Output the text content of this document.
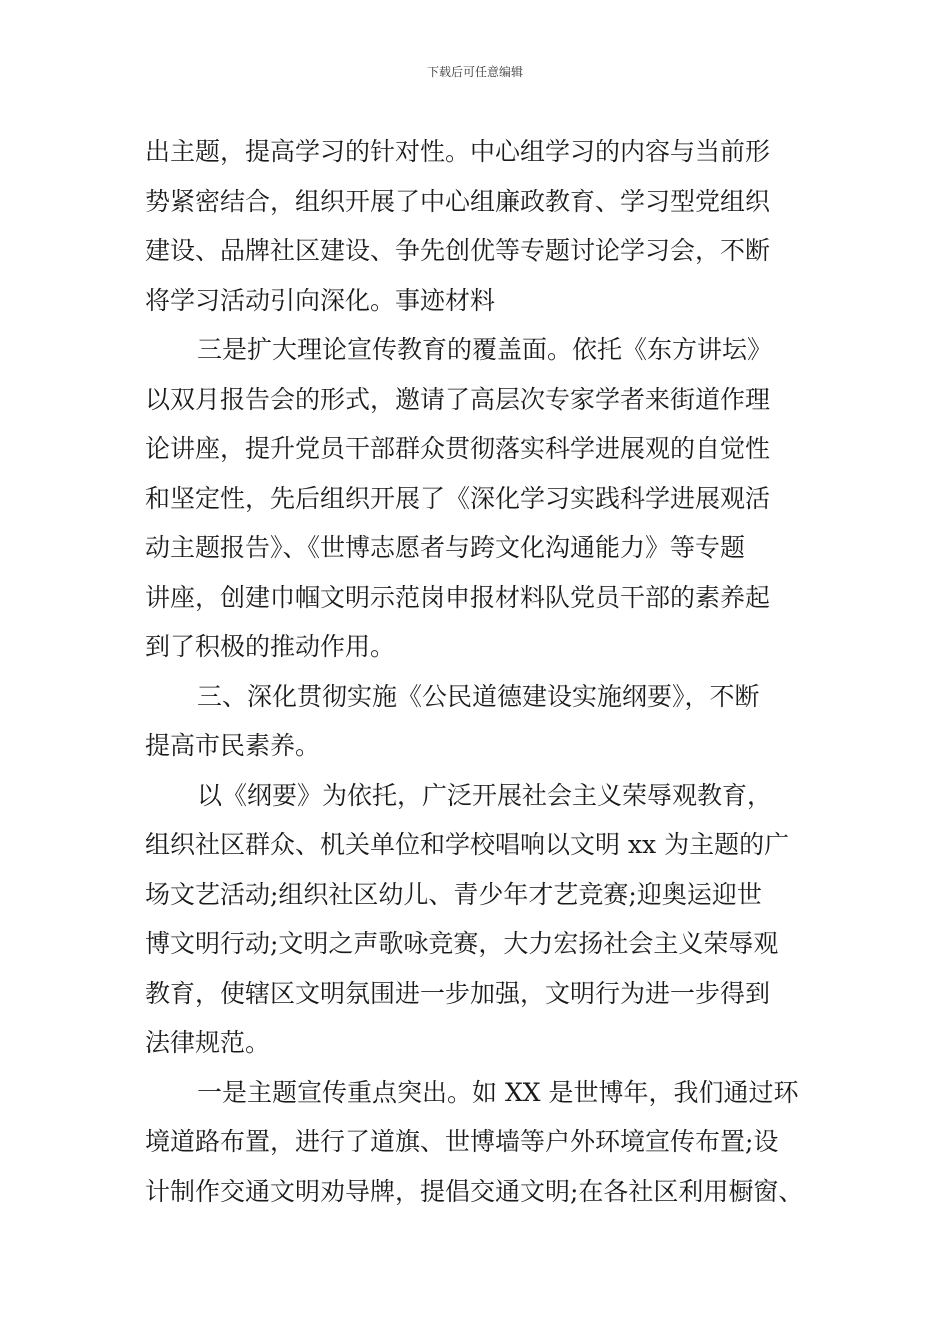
下载后可任意编辑
出主题，提高学习的针对性。中心组学习的内容与当前形
势紧密结合，组织开展了中心组廉政教育、学习型党组织
建设、品牌社区建设、争先创优等专题讨论学习会，不断
将学习活动引向深化。事迹材料
三是扩大理论宣传教育的覆盖面。依托《东方讲坛》
以双月报告会的形式，邀请了高层次专家学者来街道作理
论讲座，提升党员干部群众贯彻落实科学进展观的自觉性
和坚定性，先后组织开展了《深化学习实践科学进展观活
动主题报告》、《世博志愿者与跨文化沟通能力》等专题
讲座，创建巾帼文明示范岗申报材料队党员干部的素养起
到了积极的推动作用。
三、深化贯彻实施《公民道德建设实施纲要》，不断
提高市民素养。
以《纲要》为依托，广泛开展社会主义荣辱观教育，
组织社区群众、机关单位和学校唱响以文明 xx 为主题的广
场文艺活动;组织社区幼儿、青少年才艺竞赛;迎奥运迎世
博文明行动;文明之声歌咏竞赛，大力宏扬社会主义荣辱观
教育，使辖区文明氛围进一步加强，文明行为进一步得到
法律规范。
一是主题宣传重点突出。如 XX 是世博年，我们通过环
境道路布置，进行了道旗、世博墙等户外环境宣传布置;设
计制作交通文明劝导牌，提倡交通文明;在各社区利用橱窗、
